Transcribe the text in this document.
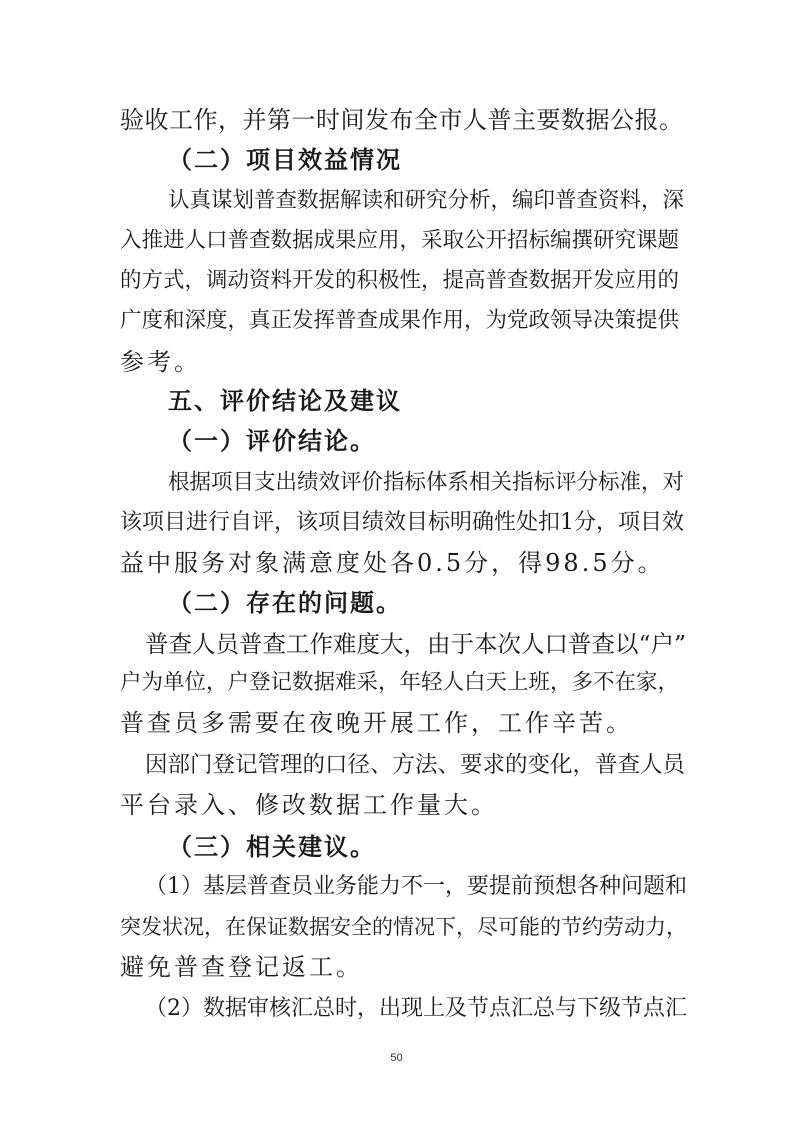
验收工作，并第一时间发布全市人普主要数据公报。
（二）项目效益情况
认真谋划普查数据解读和研究分析，编印普查资料，深
入推进人口普查数据成果应用，采取公开招标编撰研究课题
的方式，调动资料开发的积极性，提高普查数据开发应用的
广度和深度，真正发挥普查成果作用，为党政领导决策提供
参考。
五、评价结论及建议
（一）评价结论。
根据项目支出绩效评价指标体系相关指标评分标准，对
该项目进行自评，该项目绩效目标明确性处扣1分，项目效
益中服务对象满意度处各0.5分，得98.5分。
（二）存在的问题。
普查人员普查工作难度大，由于本次人口普查以“户”
户为单位，户登记数据难采，年轻人白天上班，多不在家，
普查员多需要在夜晚开展工作，工作辛苦。
因部门登记管理的口径、方法、要求的变化，普查人员
平台录入、修改数据工作量大。
（三）相关建议。
（1）基层普查员业务能力不一，要提前预想各种问题和
突发状况，在保证数据安全的情况下，尽可能的节约劳动力，
避免普查登记返工。
（2）数据审核汇总时，出现上及节点汇总与下级节点汇
50
